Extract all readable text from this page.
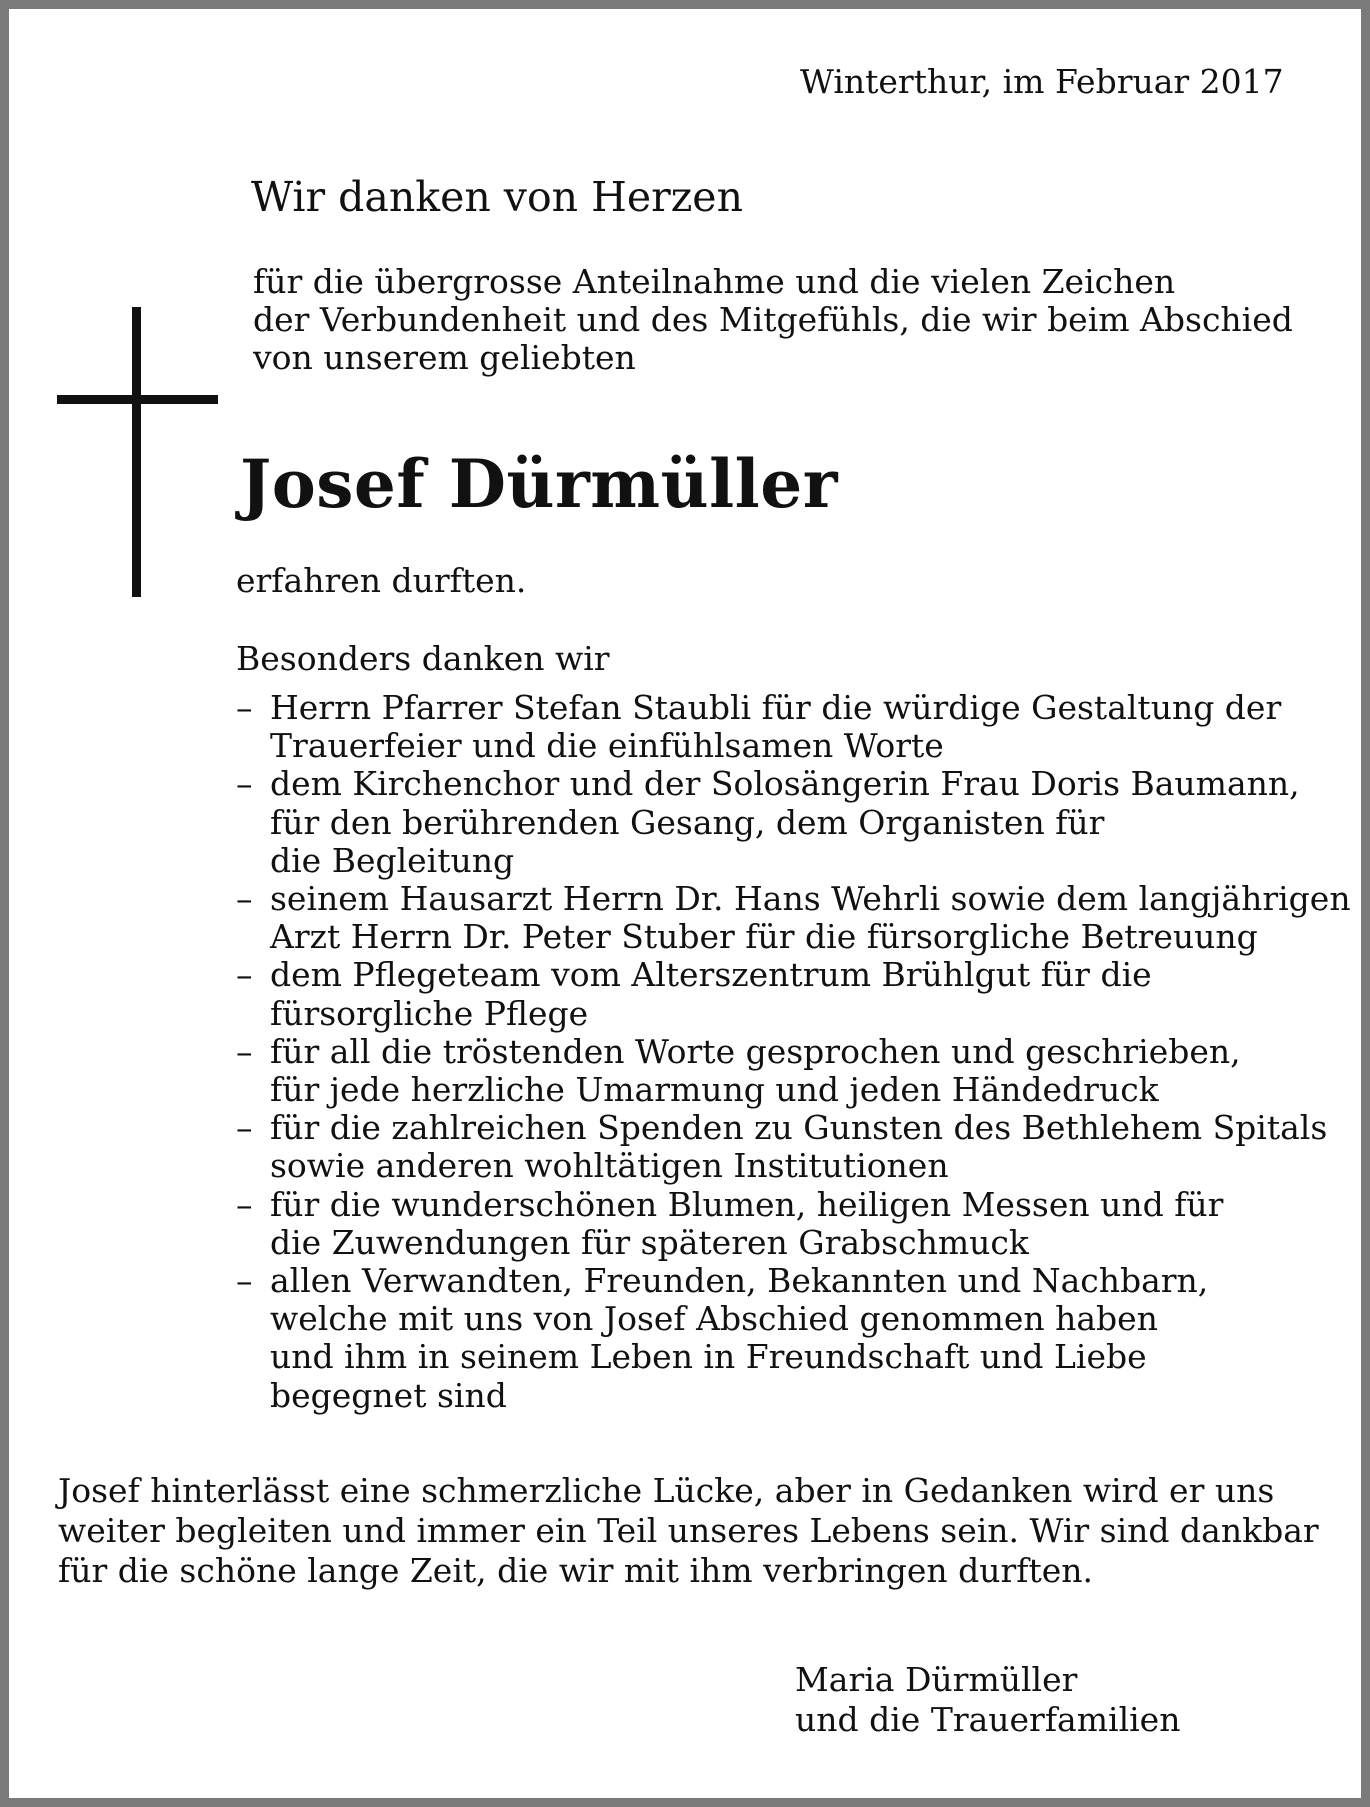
Winterthur, im Februar 2017
Wir danken von Herzen
für die übergrosse Anteilnahme und die vielen Zeichen
der Verbundenheit und des Mitgefühls, die wir beim Abschied
von unserem geliebten
Josef Dürmüller
erfahren durften.
Besonders danken wir
– Herrn Pfarrer Stefan Staubli für die würdige Gestaltung der
Trauerfeier und die einfühlsamen Worte
– dem Kirchenchor und der Solosängerin Frau Doris Baumann,
für den berührenden Gesang, dem Organisten für
die Begleitung
– seinem Hausarzt Herrn Dr. Hans Wehrli sowie dem langjährigen
Arzt Herrn Dr. Peter Stuber für die fürsorgliche Betreuung
– dem Pflegeteam vom Alterszentrum Brühlgut für die
fürsorgliche Pflege
– für all die tröstenden Worte gesprochen und geschrieben,
für jede herzliche Umarmung und jeden Händedruck
– für die zahlreichen Spenden zu Gunsten des Bethlehem Spitals
sowie anderen wohltätigen Institutionen
– für die wunderschönen Blumen, heiligen Messen und für
die Zuwendungen für späteren Grabschmuck
– allen Verwandten, Freunden, Bekannten und Nachbarn,
welche mit uns von Josef Abschied genommen haben
und ihm in seinem Leben in Freundschaft und Liebe
begegnet sind
Josef hinterlässt eine schmerzliche Lücke, aber in Gedanken wird er uns
weiter begleiten und immer ein Teil unseres Lebens sein. Wir sind dankbar
für die schöne lange Zeit, die wir mit ihm verbringen durften.
Maria Dürmüller
und die Trauerfamilien
